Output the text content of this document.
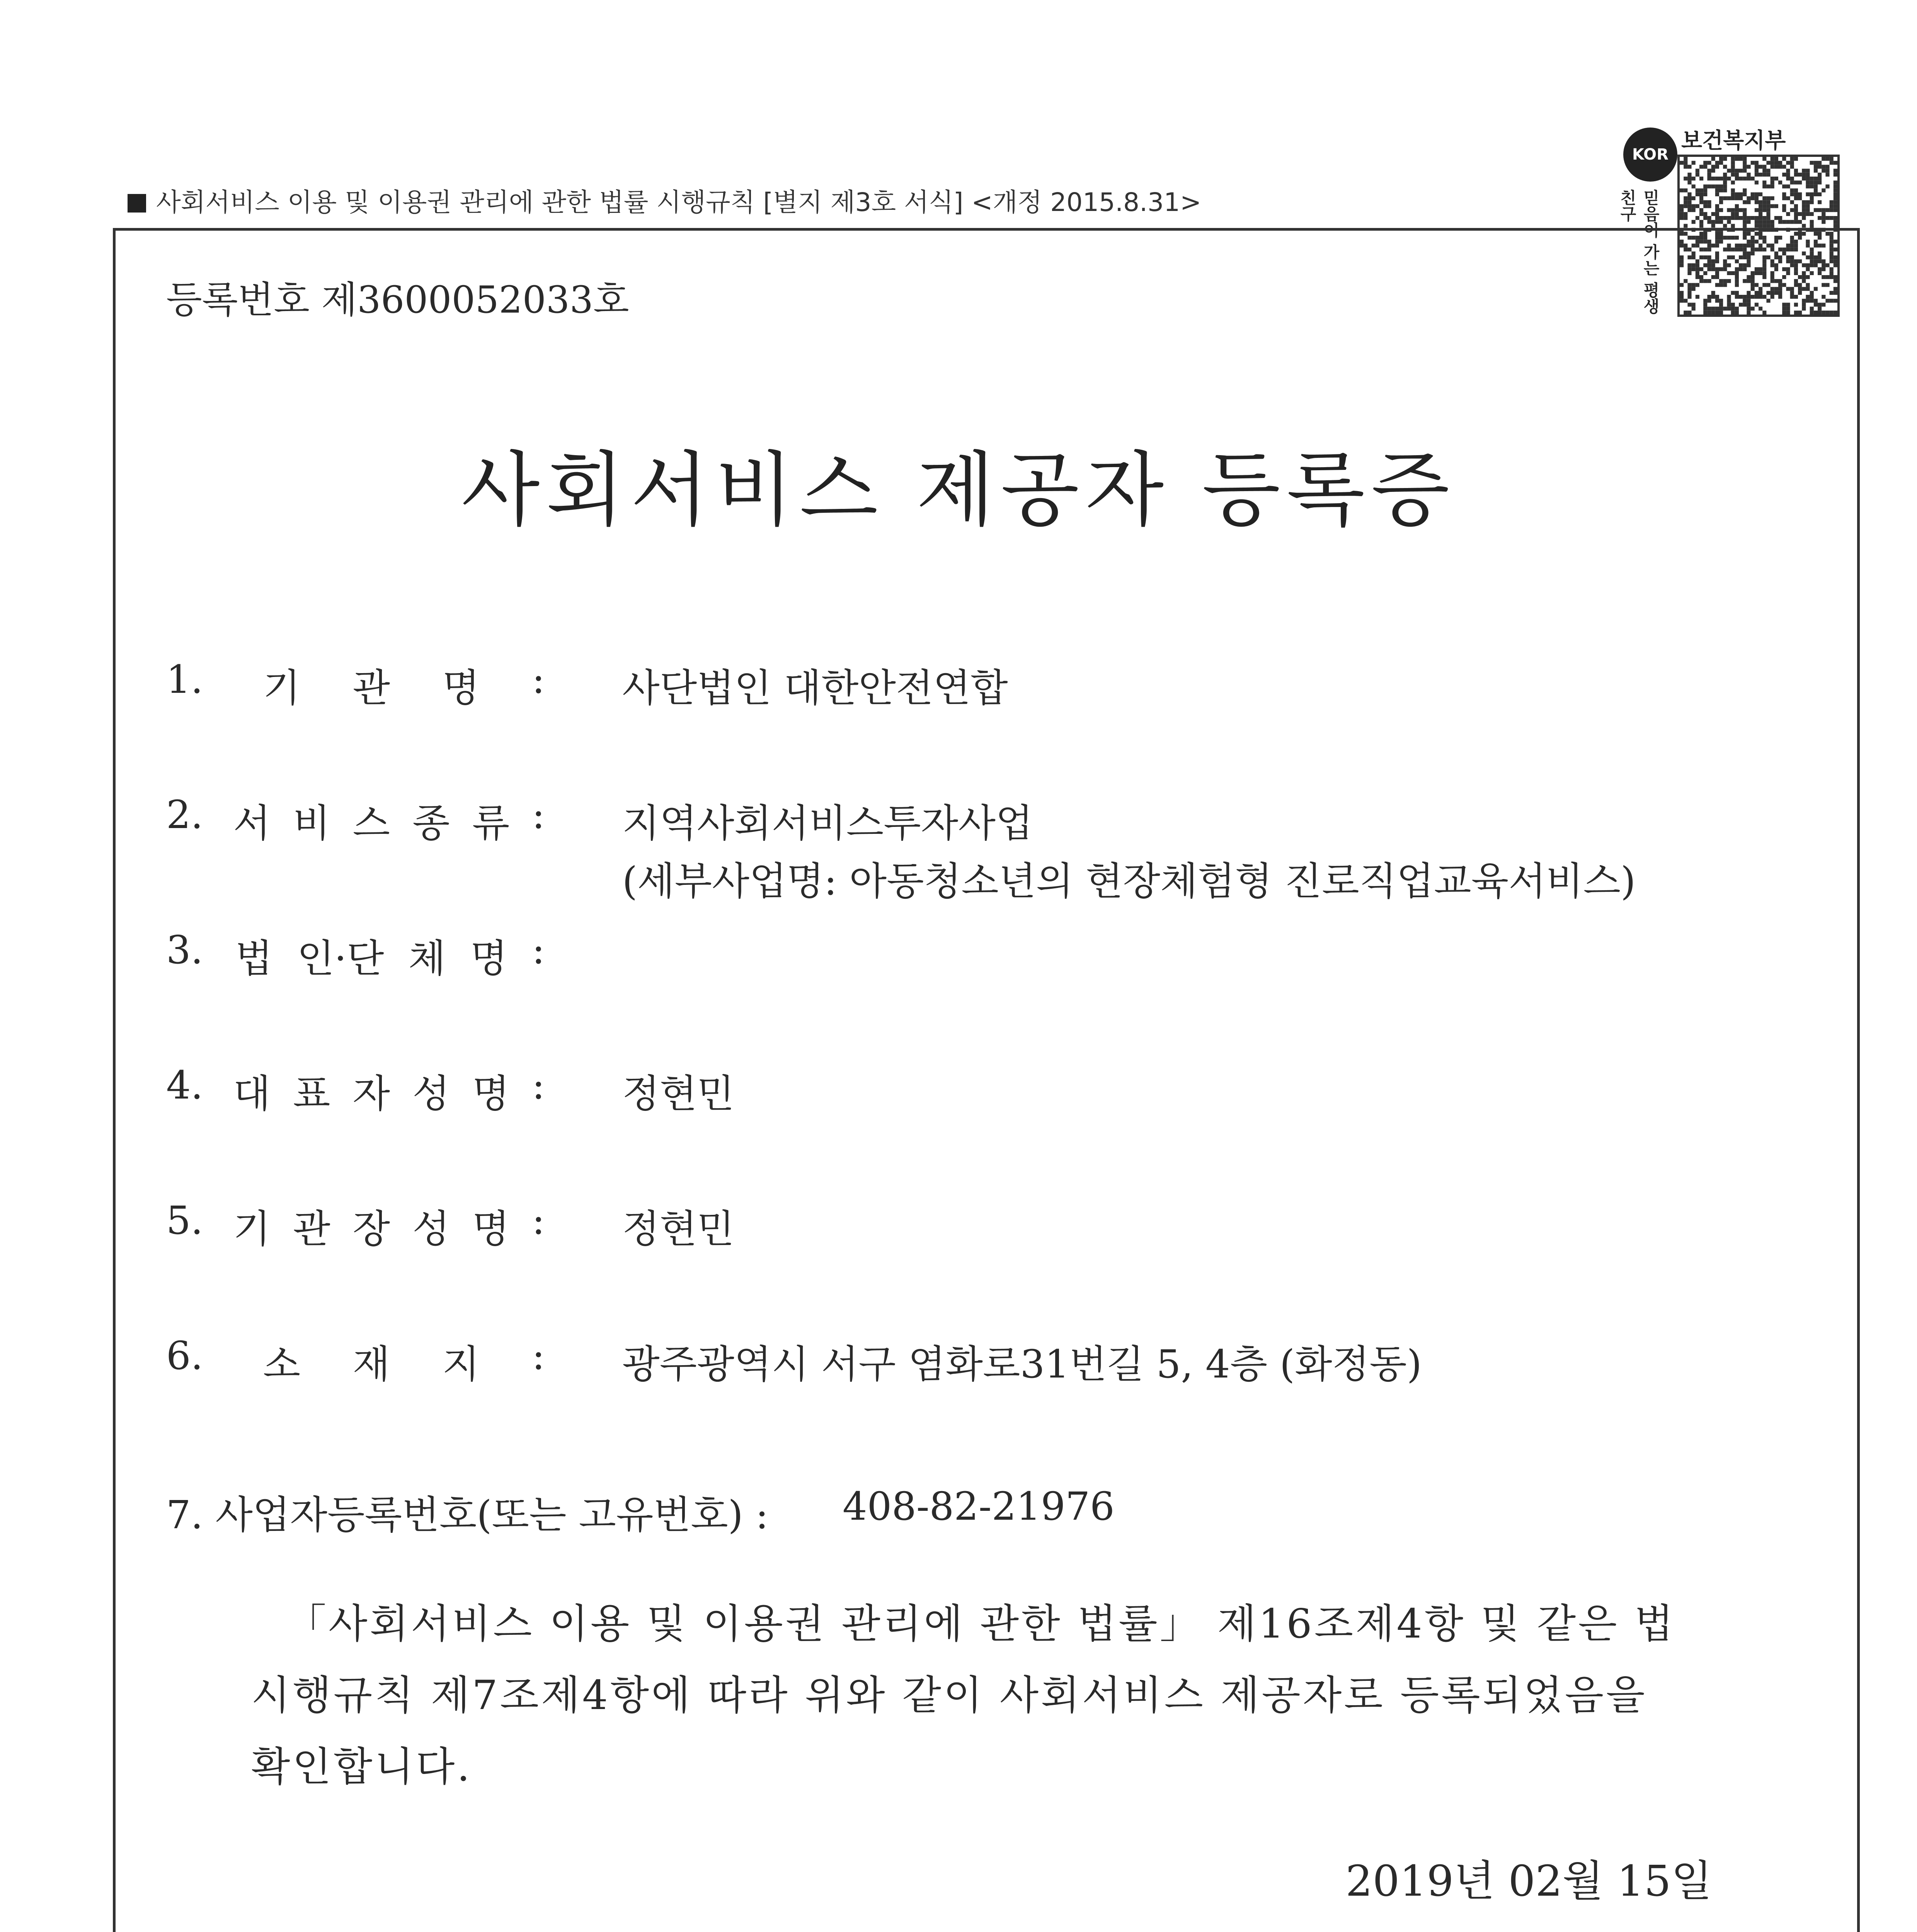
사회서비스 이용 및 이용권 관리에 관한 법률 시행규칙 [별지 제3호 서식] <개정 2015.8.31>
KOR
보건복지부
믿음이 가는 평생 친구
등록번호 제3600052033호
사회서비스 제공자 등록증
1. 기 관 명 : 사단법인 대한안전연합
2. 서 비 스 종 류 : 지역사회서비스투자사업
(세부사업명: 아동청소년의 현장체험형 진로직업교육서비스)
3. 법 인·단 체 명 :
4. 대 표 자 성 명 : 정현민
5. 기 관 장 성 명 : 정현민
6. 소 재 지 : 광주광역시 서구 염화로31번길 5, 4층 (화정동)
7. 사업자등록번호(또는 고유번호) : 408-82-21976
「사회서비스 이용 및 이용권 관리에 관한 법률」 제16조제4항 및 같은 법
시행규칙 제7조제4항에 따라 위와 같이 사회서비스 제공자로 등록되었음을
확인합니다.
2019년 02월 15일
